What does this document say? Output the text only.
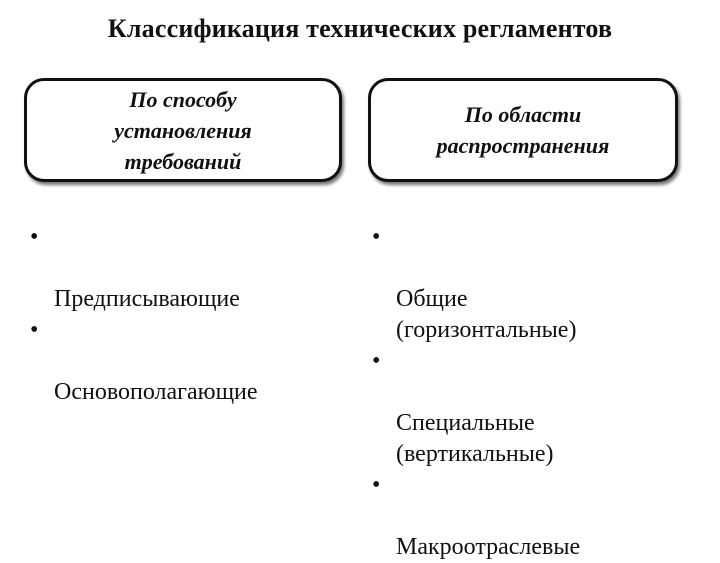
Классификация технических регламентов
По способу
установления
требований
По области
распространения

•

Предписывающие

•

Основополагающие

•

Общие
(горизонтальные)

•

Специальные
(вертикальные)

•

Макроотраслевые
